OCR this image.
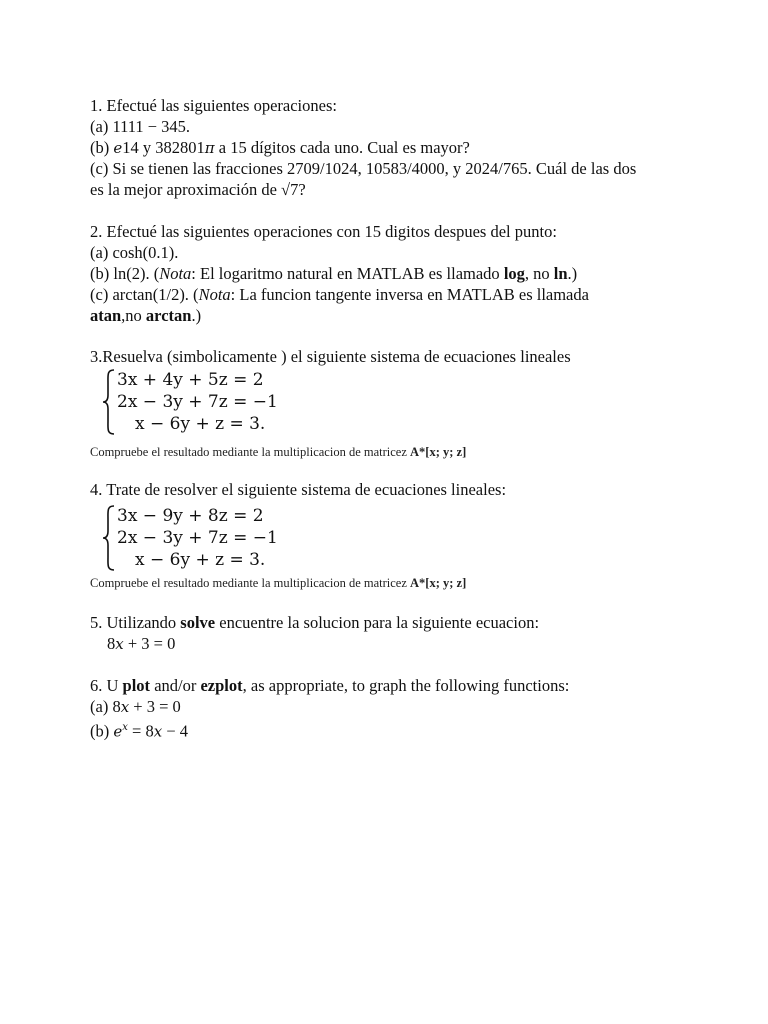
1. Efectué las siguientes operaciones:
(a) 1111 − 345.
(b) e14 y 382801π a 15 dígitos cada uno. Cual es mayor?
(c) Si se tienen las fracciones 2709/1024, 10583/4000, y 2024/765. Cuál de las dos
es la mejor aproximación de √7?
2. Efectué las siguientes operaciones con 15 digitos despues del punto:
(a) cosh(0.1).
(b) ln(2). (Nota: El logaritmo natural en MATLAB es llamado log, no ln.)
(c) arctan(1/2). (Nota: La funcion tangente inversa en MATLAB es llamada
atan,no arctan.)
3.Resuelva (simbolicamente ) el siguiente sistema de ecuaciones lineales
3x + 4y + 5z = 2
2x − 3y + 7z = −1
x − 6y + z = 3.
Compruebe el resultado mediante la multiplicacion de matricez A*[x; y; z]
4. Trate de resolver el siguiente sistema de ecuaciones lineales:
3x − 9y + 8z = 2
2x − 3y + 7z = −1
x − 6y + z = 3.
Compruebe el resultado mediante la multiplicacion de matricez A*[x; y; z]
5. Utilizando solve encuentre la solucion para la siguiente ecuacion:
8x + 3 = 0
6. U plot and/or ezplot, as appropriate, to graph the following functions:
(a) 8x + 3 = 0
(b) $e^x = 8x - 4$
